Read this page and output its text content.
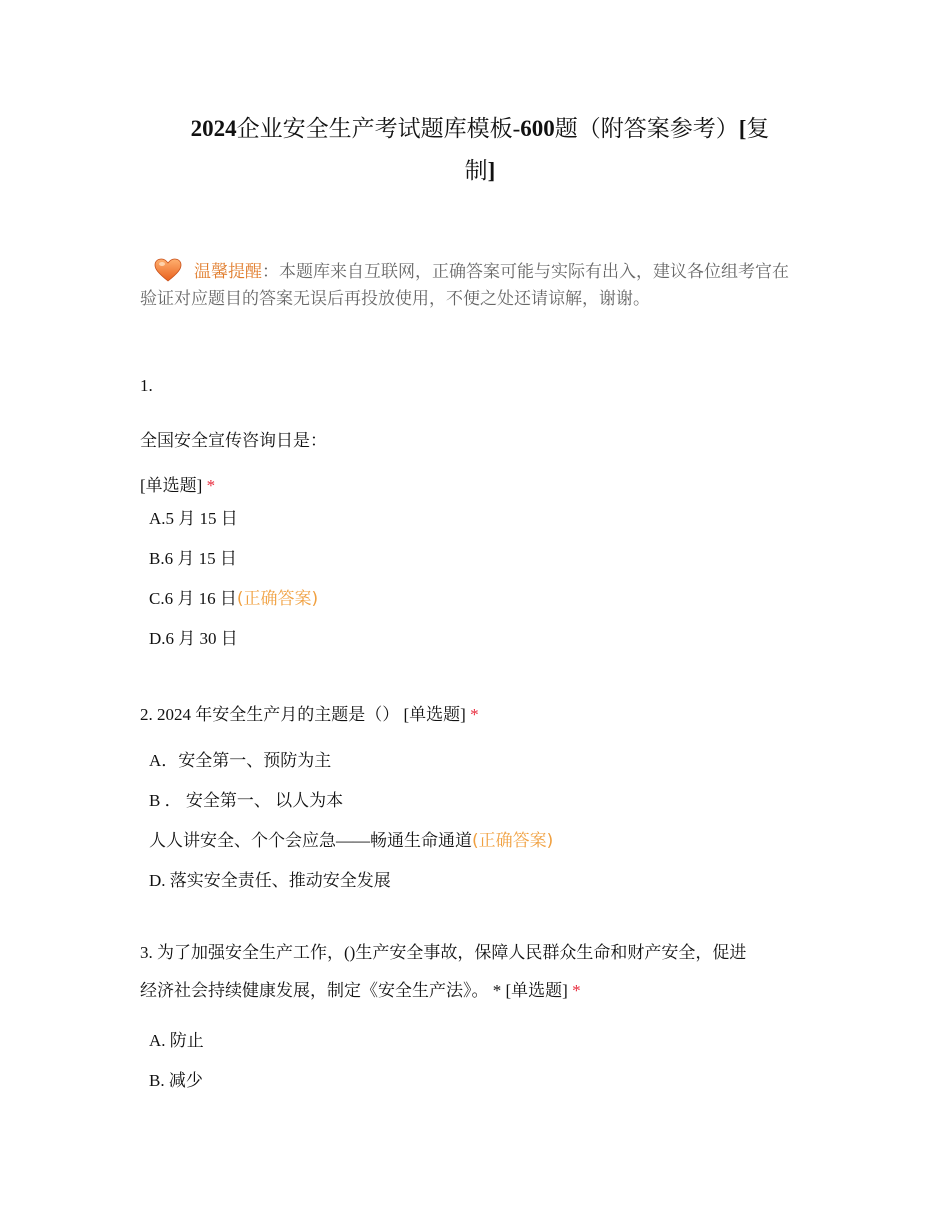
2024企业安全生产考试题库模板-600题（附答案参考）[复
制]
温馨提醒：本题库来自互联网，正确答案可能与实际有出入，建议各位组考官在验证对应题目的答案无误后再投放使用，不便之处还请谅解，谢谢。
1.
全国安全宣传咨询日是：
[单选题] *
A.5 月 15 日
B.6 月 15 日
C.6 月 16 日(正确答案)
D.6 月 30 日
2. 2024 年安全生产月的主题是（） [单选题] *
A．安全第一、预防为主
B ． 安全第一、 以人为本
人人讲安全、个个会应急——畅通生命通道(正确答案)
D. 落实安全责任、推动安全发展
3. 为了加强安全生产工作，()生产安全事故，保障人民群众生命和财产安全，促进
经济社会持续健康发展，制定《安全生产法》。 * [单选题] *
A. 防止
B. 减少
